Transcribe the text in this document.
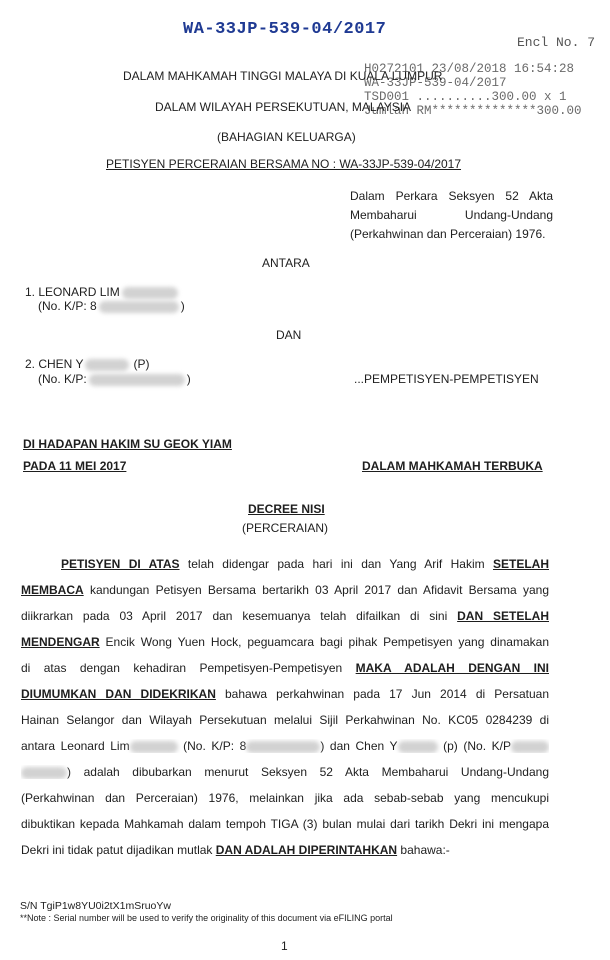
WA-33JP-539-04/2017
Encl No. 7
H0272101 23/08/2018 16:54:28
WA-33JP-539-04/2017
TSD001 ..........300.00 x 1
Jumlah RM**************300.00
DALAM MAHKAMAH TINGGI MALAYA DI KUALA LUMPUR
DALAM WILAYAH PERSEKUTUAN, MALAYSIA
(BAHAGIAN KELUARGA)
PETISYEN PERCERAIAN BERSAMA NO : WA-33JP-539-04/2017
Dalam Perkara Seksyen 52 Akta
Membaharui	Undang-Undang
(Perkahwinan dan Perceraian) 1976.
ANTARA
1. LEONARD LIM
(No. K/P: 8	)
DAN
2. CHEN Y	(P)
(No. K/P:	)	...PEMPETISYEN-PEMPETISYEN
DI HADAPAN HAKIM SU GEOK YIAM
PADA 11 MEI 2017	DALAM MAHKAMAH TERBUKA
DECREE NISI
(PERCERAIAN)
PETISYEN DI ATAS telah didengar pada hari ini dan Yang Arif Hakim SETELAH
MEMBACA kandungan Petisyen Bersama bertarikh 03 April 2017 dan Afidavit Bersama yang
diikrarkan pada 03 April 2017 dan kesemuanya telah difailkan di sini DAN SETELAH
MENDENGAR Encik Wong Yuen Hock, peguamcara bagi pihak Pempetisyen yang dinamakan
di atas dengan kehadiran Pempetisyen-Pempetisyen MAKA ADALAH DENGAN INI
DIUMUMKAN DAN DIDEKRIKAN bahawa perkahwinan pada 17 Jun 2014 di Persatuan
Hainan Selangor dan Wilayah Persekutuan melalui Sijil Perkahwinan No. KC05 0284239 di
antara Leonard Lim	(No. K/P: 8	) dan Chen Y	(p) (No. K/P
) adalah dibubarkan menurut Seksyen 52 Akta Membaharui Undang-Undang
(Perkahwinan dan Perceraian) 1976, melainkan jika ada sebab-sebab yang mencukupi
dibuktikan kepada Mahkamah dalam tempoh TIGA (3) bulan mulai dari tarikh Dekri ini mengapa
Dekri ini tidak patut dijadikan mutlak DAN ADALAH DIPERINTAHKAN bahawa:-
S/N TgiP1w8YU0i2tX1mSruoYw
**Note : Serial number will be used to verify the originality of this document via eFILING portal
1
